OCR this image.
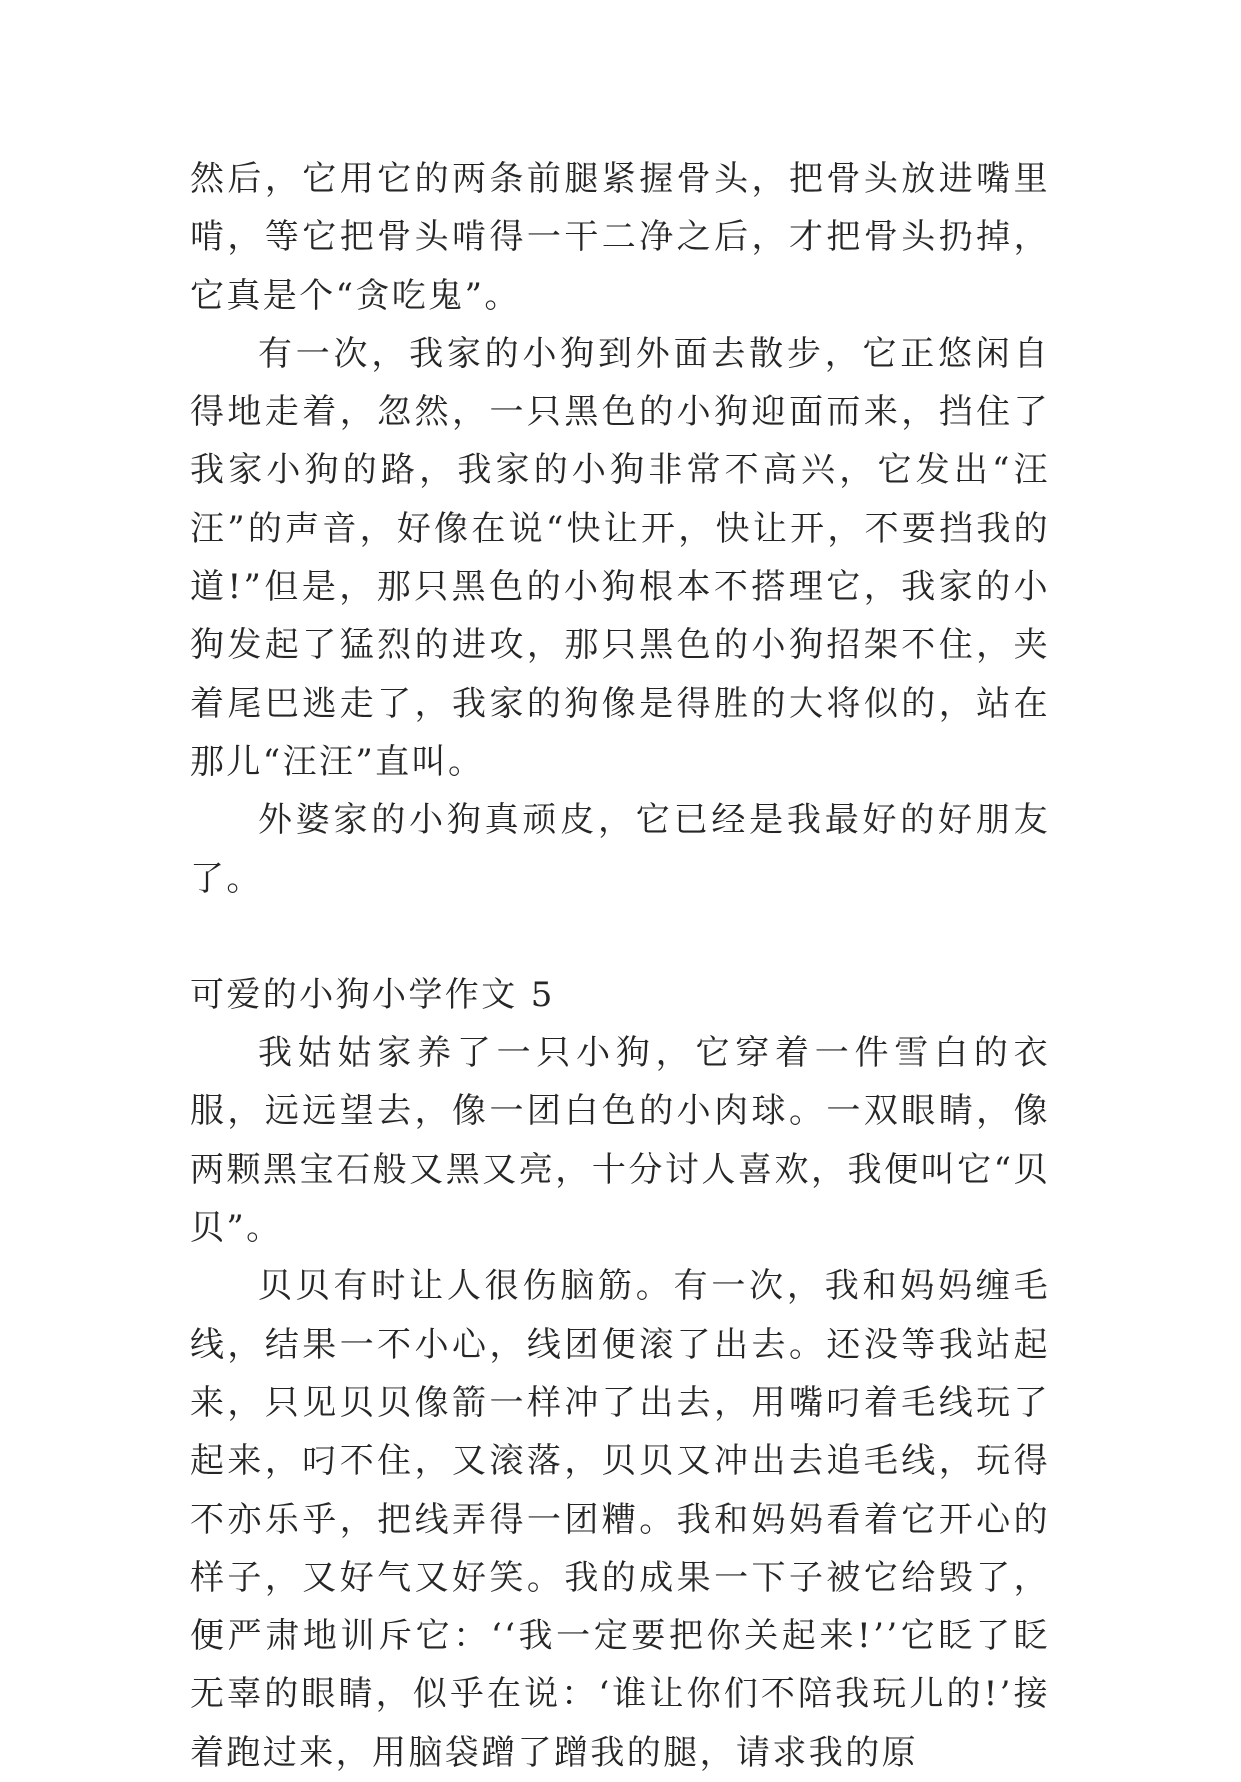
然后，它用它的两条前腿紧握骨头，把骨头放进嘴里啃，等它把骨头啃得一干二净之后，才把骨头扔掉，它真是个“贪吃鬼”。

有一次，我家的小狗到外面去散步，它正悠闲自得地走着，忽然，一只黑色的小狗迎面而来，挡住了我家小狗的路，我家的小狗非常不高兴，它发出“汪汪”的声音，好像在说“快让开，快让开，不要挡我的道!”但是，那只黑色的小狗根本不搭理它，我家的小狗发起了猛烈的进攻，那只黑色的小狗招架不住，夹着尾巴逃走了，我家的狗像是得胜的大将似的，站在那儿“汪汪”直叫。

外婆家的小狗真顽皮，它已经是我最好的好朋友了。

可爱的小狗小学作文 5

我姑姑家养了一只小狗，它穿着一件雪白的衣服，远远望去，像一团白色的小肉球。一双眼睛，像两颗黑宝石般又黑又亮，十分讨人喜欢，我便叫它“贝贝”。

贝贝有时让人很伤脑筋。有一次，我和妈妈缠毛线，结果一不小心，线团便滚了出去。还没等我站起来，只见贝贝像箭一样冲了出去，用嘴叼着毛线玩了起来，叼不住，又滚落，贝贝又冲出去追毛线，玩得不亦乐乎，把线弄得一团糟。我和妈妈看着它开心的样子，又好气又好笑。我的成果一下子被它给毁了，便严肃地训斥它：‘‘我一定要把你关起来!’’它眨了眨无辜的眼睛，似乎在说：‘谁让你们不陪我玩儿的!’接着跑过来，用脑袋蹭了蹭我的腿，请求我的原
